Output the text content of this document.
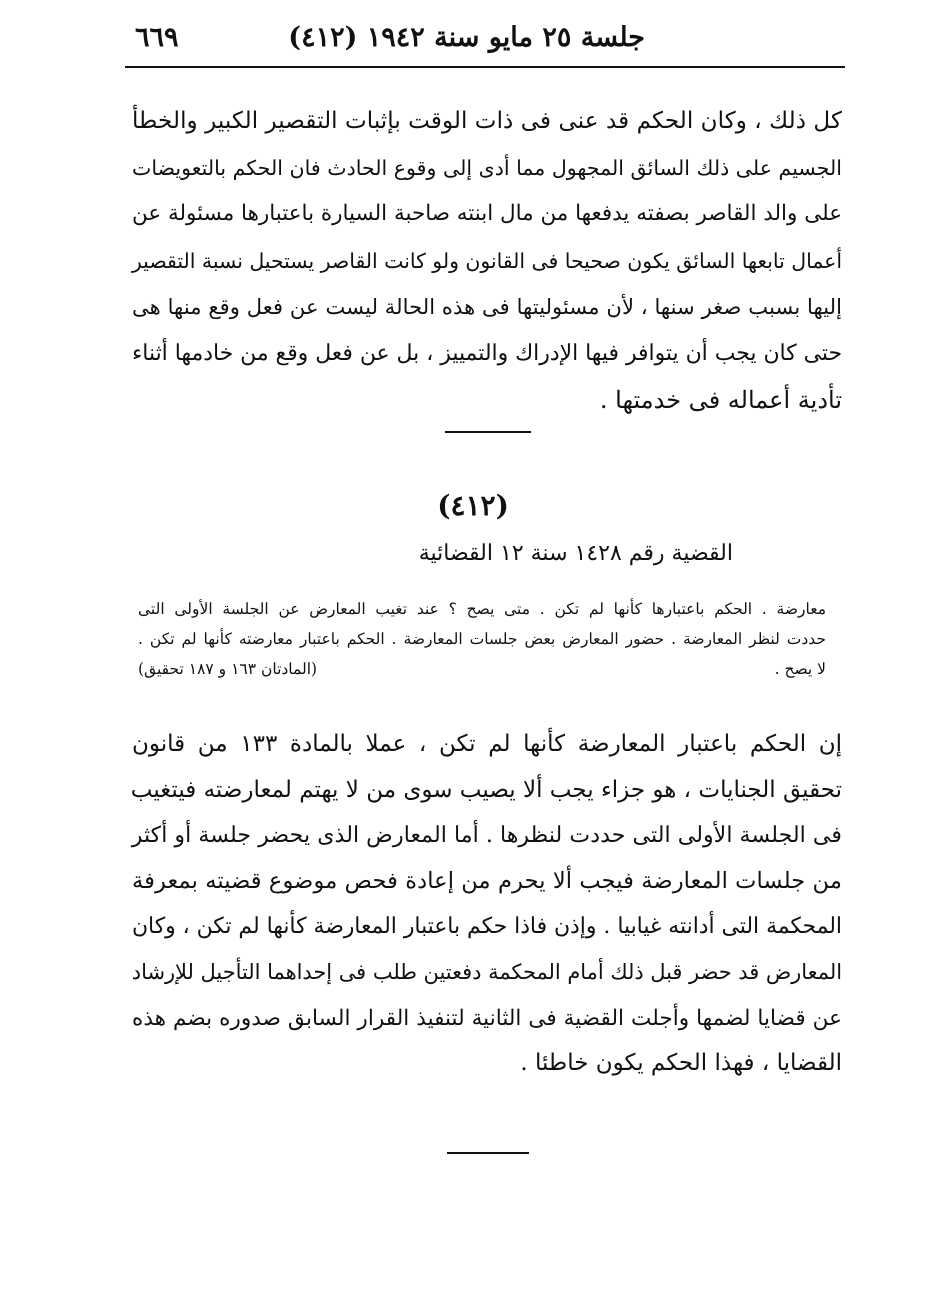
جلسة ٢٥ مايو سنة ١٩٤٢ (٤١٢)
٦٦٩
كل ذلك ، وكان الحكم قد عنى فى ذات الوقت بإثبات التقصير الكبير والخطأ
الجسيم على ذلك السائق المجهول مما أدى إلى وقوع الحادث فان الحكم بالتعويضات
على والد القاصر بصفته يدفعها من مال ابنته صاحبة السيارة باعتبارها مسئولة عن
أعمال تابعها السائق يكون صحيحا فى القانون ولو كانت القاصر يستحيل نسبة التقصير
إليها بسبب صغر سنها ، لأن مسئوليتها فى هذه الحالة ليست عن فعل وقع منها هى
حتى كان يجب أن يتوافر فيها الإدراك والتمييز ، بل عن فعل وقع من خادمها أثناء
تأدية أعماله فى خدمتها .
(٤١٢)
القضية رقم ١٤٢٨ سنة ١٢ القضائية
معارضة . الحكم باعتبارها كأنها لم تكن . متى يصح ؟ عند تغيب المعارض عن الجلسة الأولى التى
حددت لنظر المعارضة . حضور المعارض بعض جلسات المعارضة . الحكم باعتبار معارضته كأنها لم تكن .
لا يصح .
(المادتان ١٦٣ و ١٨٧ تحقيق)
إن الحكم باعتبار المعارضة كأنها لم تكن ، عملا بالمادة ١٣٣ من قانون
تحقيق الجنايات ، هو جزاء يجب ألا يصيب سوى من لا يهتم لمعارضته فيتغيب
فى الجلسة الأولى التى حددت لنظرها . أما المعارض الذى يحضر جلسة أو أكثر
من جلسات المعارضة فيجب ألا يحرم من إعادة فحص موضوع قضيته بمعرفة
المحكمة التى أدانته غيابيا . وإذن فاذا حكم باعتبار المعارضة كأنها لم تكن ، وكان
المعارض قد حضر قبل ذلك أمام المحكمة دفعتين طلب فى إحداهما التأجيل للإرشاد
عن قضايا لضمها وأجلت القضية فى الثانية لتنفيذ القرار السابق صدوره بضم هذه
القضايا ، فهذا الحكم يكون خاطئا .
